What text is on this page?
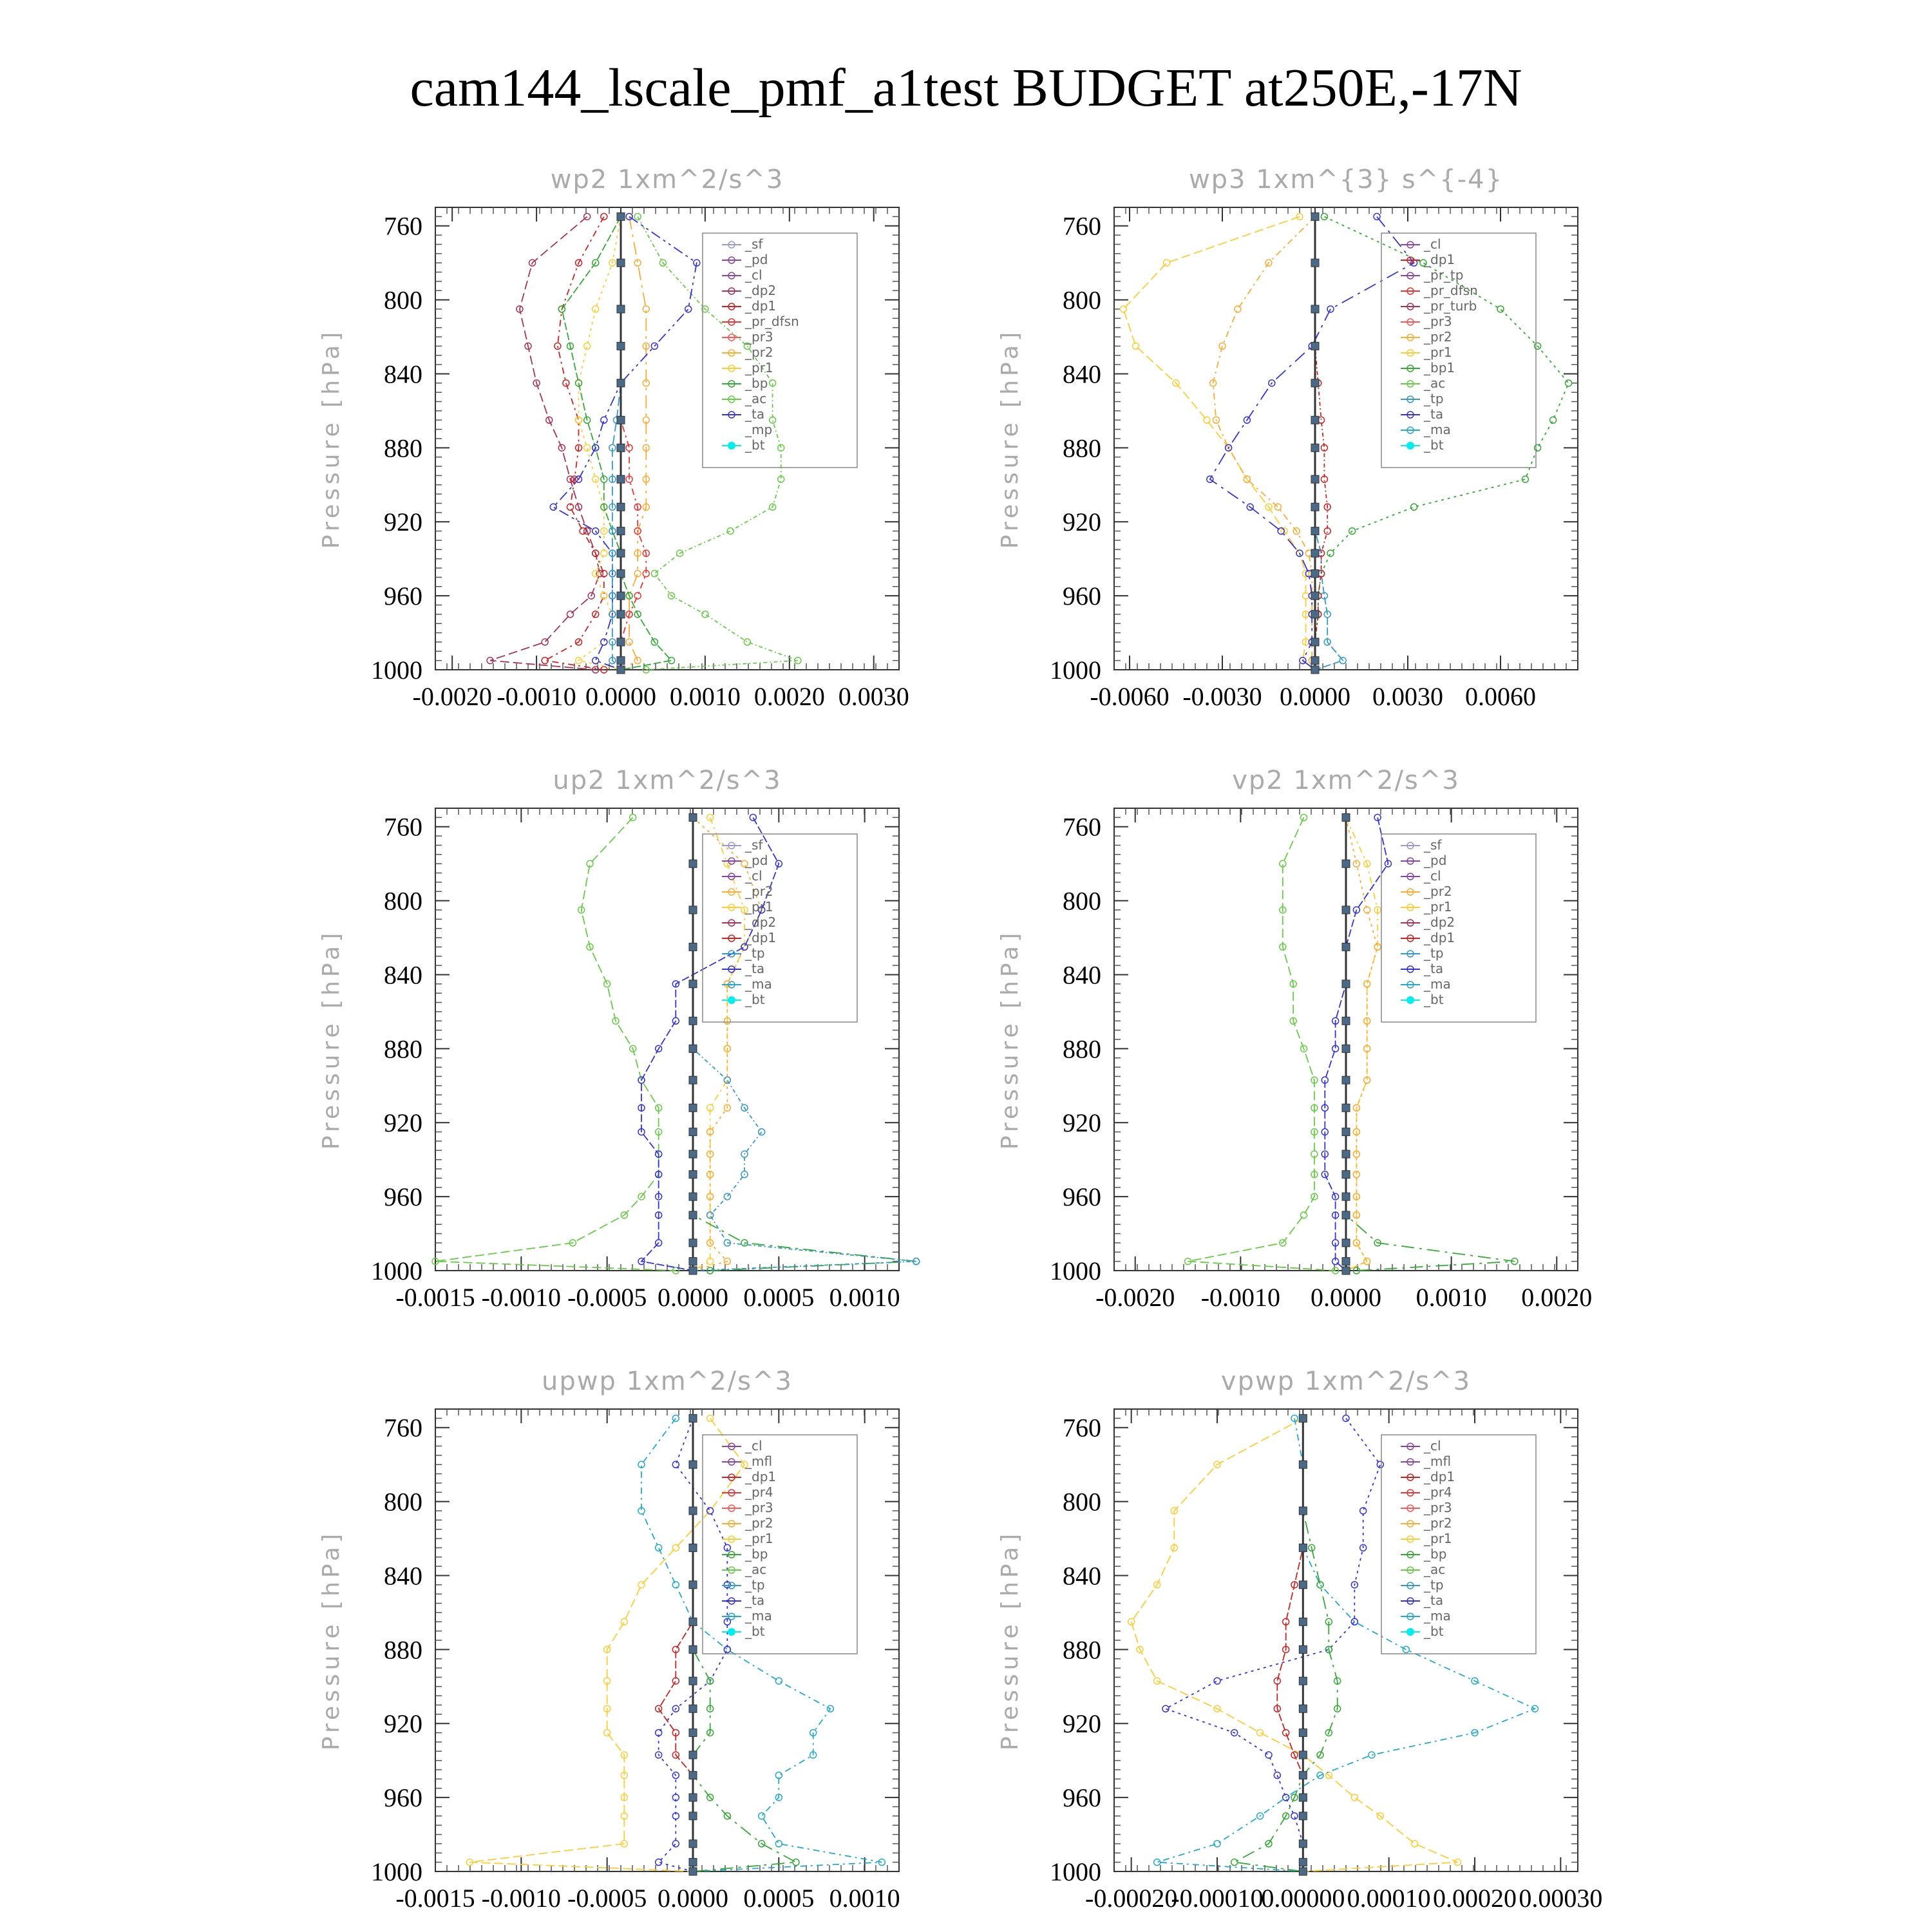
cam144_lscale_pmf_a1test BUDGET at250E,-17N
wp2 1xm^2/s^3
Pressure [hPa]
760
800
840
880
920
960
1000
-0.0020 -0.0010 0.0000 0.0010 0.0020 0.0030
_sf
_pd
_cl
_dp2
_dp1
_pr_dfsn
_pr3
_pr2
_pr1
_bp
_ac
_ta
_mp
_bt
wp3 1xm^{3} s^{-4}
Pressure [hPa]
760
800
840
880
920
960
1000
-0.0060 -0.0030 0.0000 0.0030 0.0060
_cl
_dp1
_pr_tp
_pr_dfsn
_pr_turb
_pr3
_pr2
_pr1
_bp1
_ac
_tp
_ta
_ma
_bt
up2 1xm^2/s^3
Pressure [hPa]
760
800
840
880
920
960
1000
-0.0015 -0.0010 -0.0005 0.0000 0.0005 0.0010
_sf
_pd
_cl
_pr2
_pr1
_dp2
_dp1
_tp
_ta
_ma
_bt
vp2 1xm^2/s^3
Pressure [hPa]
760
800
840
880
920
960
1000
-0.0020 -0.0010 0.0000 0.0010 0.0020
_sf
_pd
_cl
_pr2
_pr1
_dp2
_dp1
_tp
_ta
_ma
_bt
upwp 1xm^2/s^3
Pressure [hPa]
760
800
840
880
920
960
1000
-0.0015 -0.0010 -0.0005 0.0000 0.0005 0.0010
_cl
_mfl
_dp1
_pr4
_pr3
_pr2
_pr1
_bp
_ac
_tp
_ta
_ma
_bt
vpwp 1xm^2/s^3
Pressure [hPa]
760
800
840
880
920
960
1000
-0.00020
-0.00010
0.00000 0.00010 0.00020 0.00030
_cl
_mfl
_dp1
_pr4
_pr3
_pr2
_pr1
_bp
_ac
_tp
_ta
_ma
_bt
